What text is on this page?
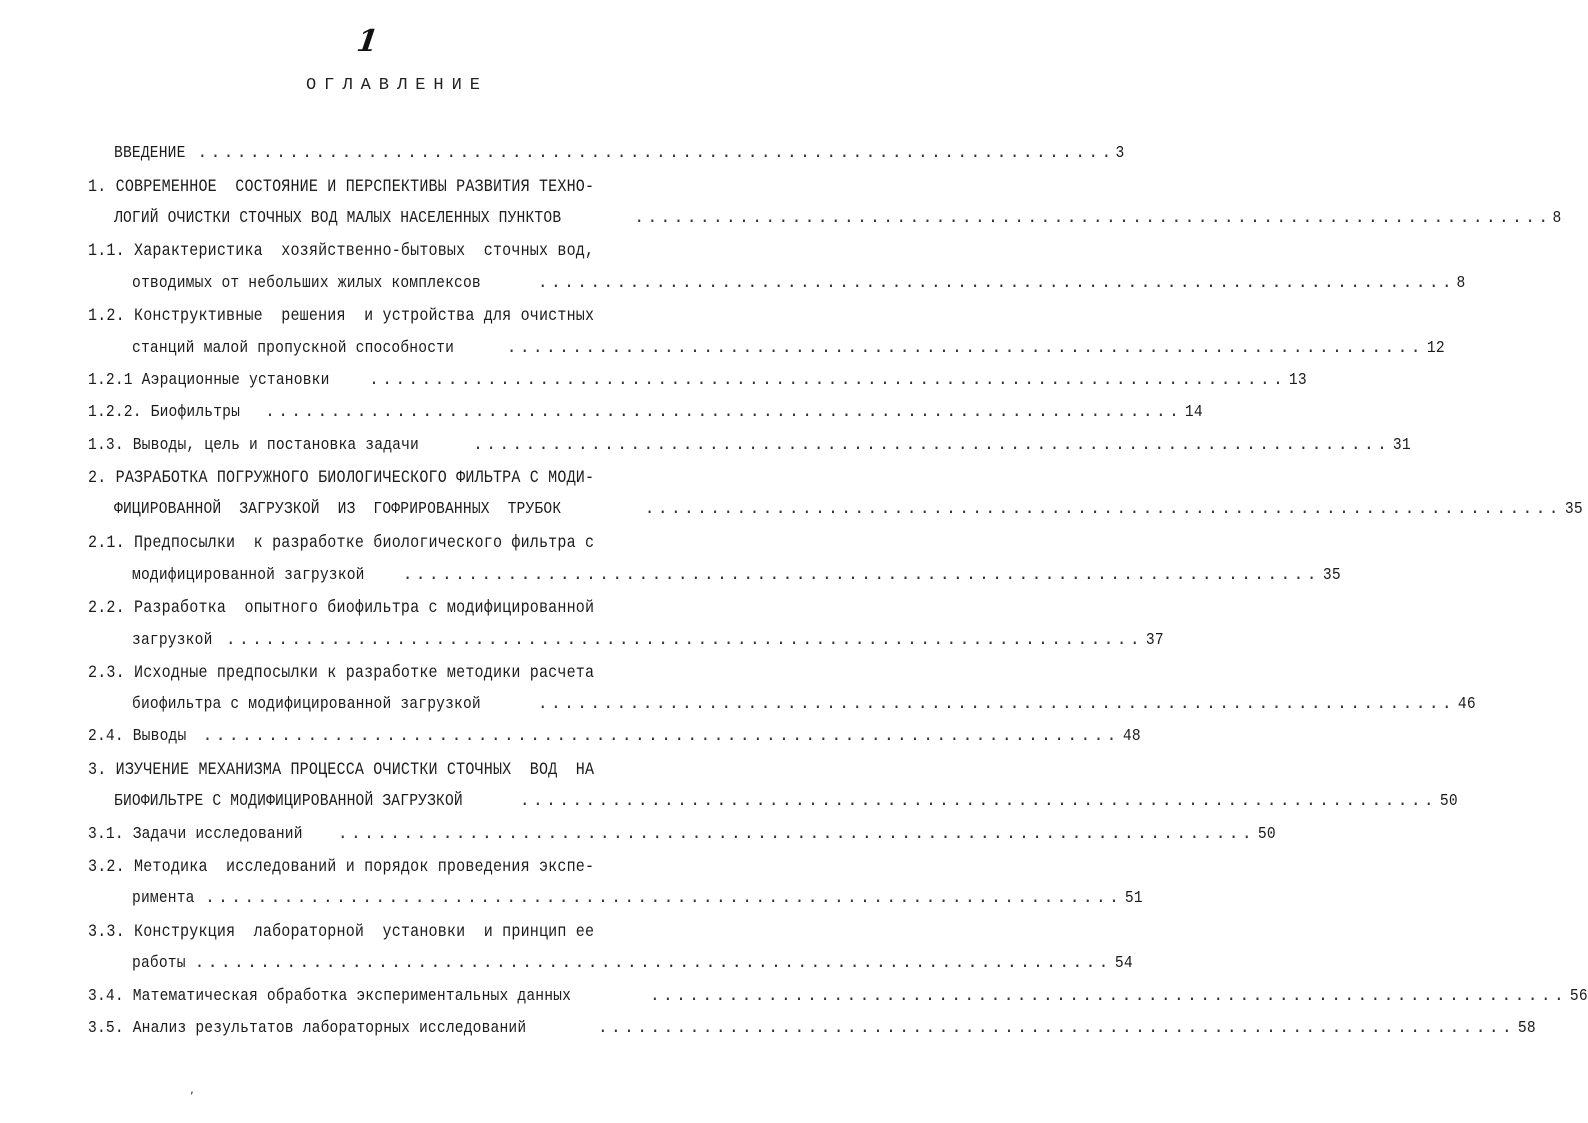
1
ОГЛАВЛЕНИЕ
ВВЕДЕНИЕ ...................................................................... 3
1. СОВРЕМЕННОЕ  СОСТОЯНИЕ И ПЕРСПЕКТИВЫ РАЗВИТИЯ ТЕХНО-
ЛОГИЙ ОЧИСТКИ СТОЧНЫХ ВОД МАЛЫХ НАСЕЛЕННЫХ ПУНКТОВ	...................................................................... 8
1.1. Характеристика  хозяйственно-бытовых  сточных вод,
отводимых от небольших жилых комплексов	...................................................................... 8
1.2. Конструктивные  решения  и устройства для очистных
станций малой пропускной способности	...................................................................... 12
1.2.1 Аэрационные установки ...................................................................... 13
1.2.2. Биофильтры ...................................................................... 14
1.3. Выводы, цель и постановка задачи	...................................................................... 31
2. РАЗРАБОТКА ПОГРУЖНОГО БИОЛОГИЧЕСКОГО ФИЛЬТРА С МОДИ-
ФИЦИРОВАННОЙ  ЗАГРУЗКОЙ  ИЗ  ГОФРИРОВАННЫХ  ТРУБОК	...................................................................... 35
2.1. Предпосылки  к разработке биологического фильтра с
модифицированной загрузкой ...................................................................... 35
2.2. Разработка  опытного биофильтра с модифицированной
загрузкой ...................................................................... 37
2.3. Исходные предпосылки к разработке методики расчета
биофильтра с модифицированной загрузкой	...................................................................... 46
2.4. Выводы ...................................................................... 48
3. ИЗУЧЕНИЕ МЕХАНИЗМА ПРОЦЕССА ОЧИСТКИ СТОЧНЫХ  ВОД  НА
БИОФИЛЬТРЕ С МОДИФИЦИРОВАННОЙ ЗАГРУЗКОЙ	...................................................................... 50
3.1. Задачи исследований ...................................................................... 50
3.2. Методика  исследований и порядок проведения экспе-
римента ...................................................................... 51
3.3. Конструкция  лабораторной  установки  и принцип ее
работы ...................................................................... 54
3.4. Математическая обработка экспериментальных данных	...................................................................... 56
3.5. Анализ результатов лабораторных исследований	...................................................................... 58
,
